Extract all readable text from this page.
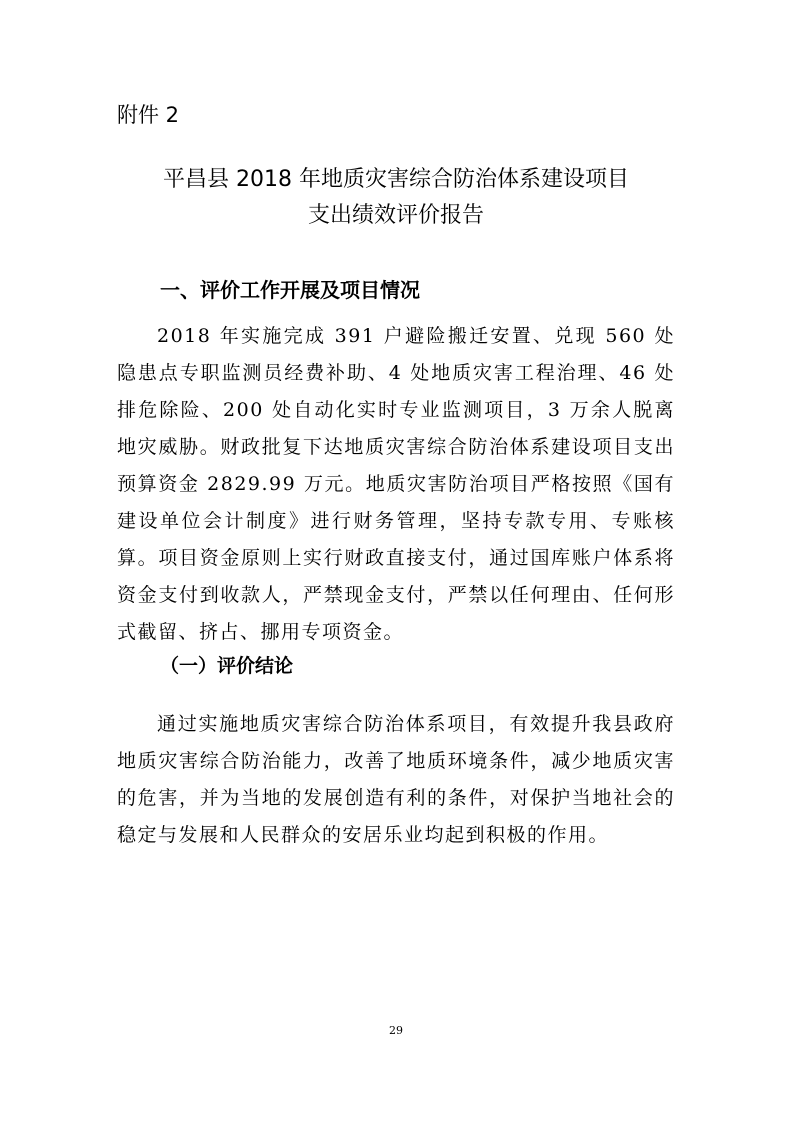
附件 2
平昌县 2018 年地质灾害综合防治体系建设项目
支出绩效评价报告
一、评价工作开展及项目情况

2018 年实施完成 391 户避险搬迁安置、兑现 560 处隐患点专职监测员经费补助、4 处地质灾害工程治理、46 处排危除险、200 处自动化实时专业监测项目，3 万余人脱离地灾威胁。财政批复下达地质灾害综合防治体系建设项目支出预算资金 2829.99 万元。地质灾害防治项目严格按照《国有建设单位会计制度》进行财务管理，坚持专款专用、专账核算。项目资金原则上实行财政直接支付，通过国库账户体系将资金支付到收款人，严禁现金支付，严禁以任何理由、任何形式截留、挤占、挪用专项资金。

（一）评价结论

通过实施地质灾害综合防治体系项目，有效提升我县政府地质灾害综合防治能力，改善了地质环境条件，减少地质灾害的危害，并为当地的发展创造有利的条件，对保护当地社会的稳定与发展和人民群众的安居乐业均起到积极的作用。

29
